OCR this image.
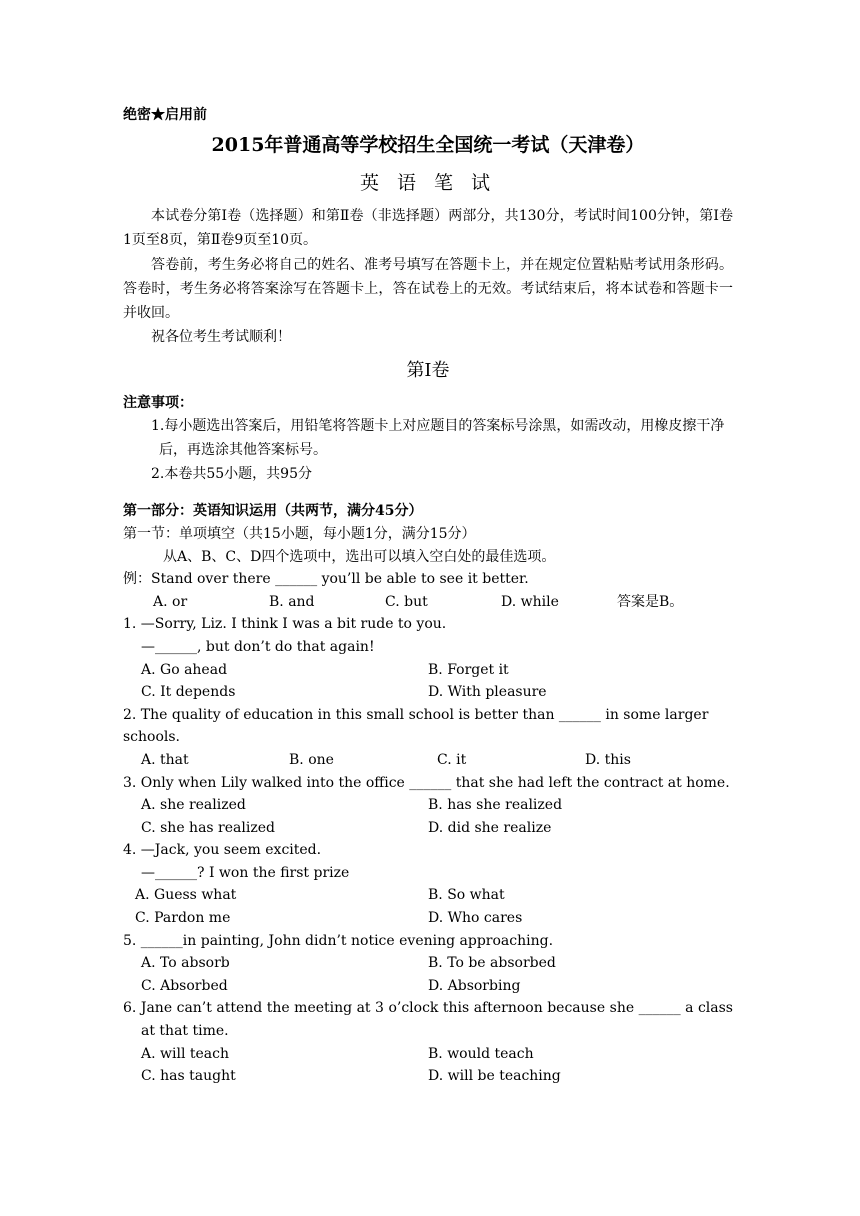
绝密★启用前
2015年普通高等学校招生全国统一考试（天津卷）
英 语 笔 试

本试卷分第Ⅰ卷（选择题）和第Ⅱ卷（非选择题）两部分，共130分，考试时间100分钟，第Ⅰ卷1页至8页，第Ⅱ卷9页至10页。

答卷前，考生务必将自己的姓名、准考号填写在答题卡上，并在规定位置粘贴考试用条形码。答卷时，考生务必将答案涂写在答题卡上，答在试卷上的无效。考试结束后，将本试卷和答题卡一并收回。

祝各位考生考试顺利！

第Ⅰ卷
注意事项：

1.每小题选出答案后，用铅笔将答题卡上对应题目的答案标号涂黑，如需改动，用橡皮擦干净后，再选涂其他答案标号。

2.本卷共55小题，共95分

第一部分：英语知识运用（共两节，满分45分）
第一节：单项填空（共15小题，每小题1分，满分15分）
从A、B、C、D四个选项中，选出可以填入空白处的最佳选项。
例：Stand over there ______ you’ll be able to see it better.
A. or	B. and	C. but	D. while	答案是B。
1. —Sorry, Liz. I think I was a bit rude to you.
—______, but don’t do that again!
A. Go ahead	B. Forget it
C. It depends	D. With pleasure
2. The quality of education in this small school is better than ______ in some larger schools.
A. that	B. one	C. it	D. this
3. Only when Lily walked into the office ______ that she had left the contract at home.
A. she realized	B. has she realized
C. she has realized	D. did she realize
4. —Jack, you seem excited.
—______? I won the first prize
A. Guess what	B. So what
C. Pardon me	D. Who cares
5. ______in painting, John didn’t notice evening approaching.
A. To absorb	B. To be absorbed
C. Absorbed	D. Absorbing
6. Jane can’t attend the meeting at 3 o’clock this afternoon because she ______ a class at that time.
A. will teach	B. would teach
C. has taught	D. will be teaching
